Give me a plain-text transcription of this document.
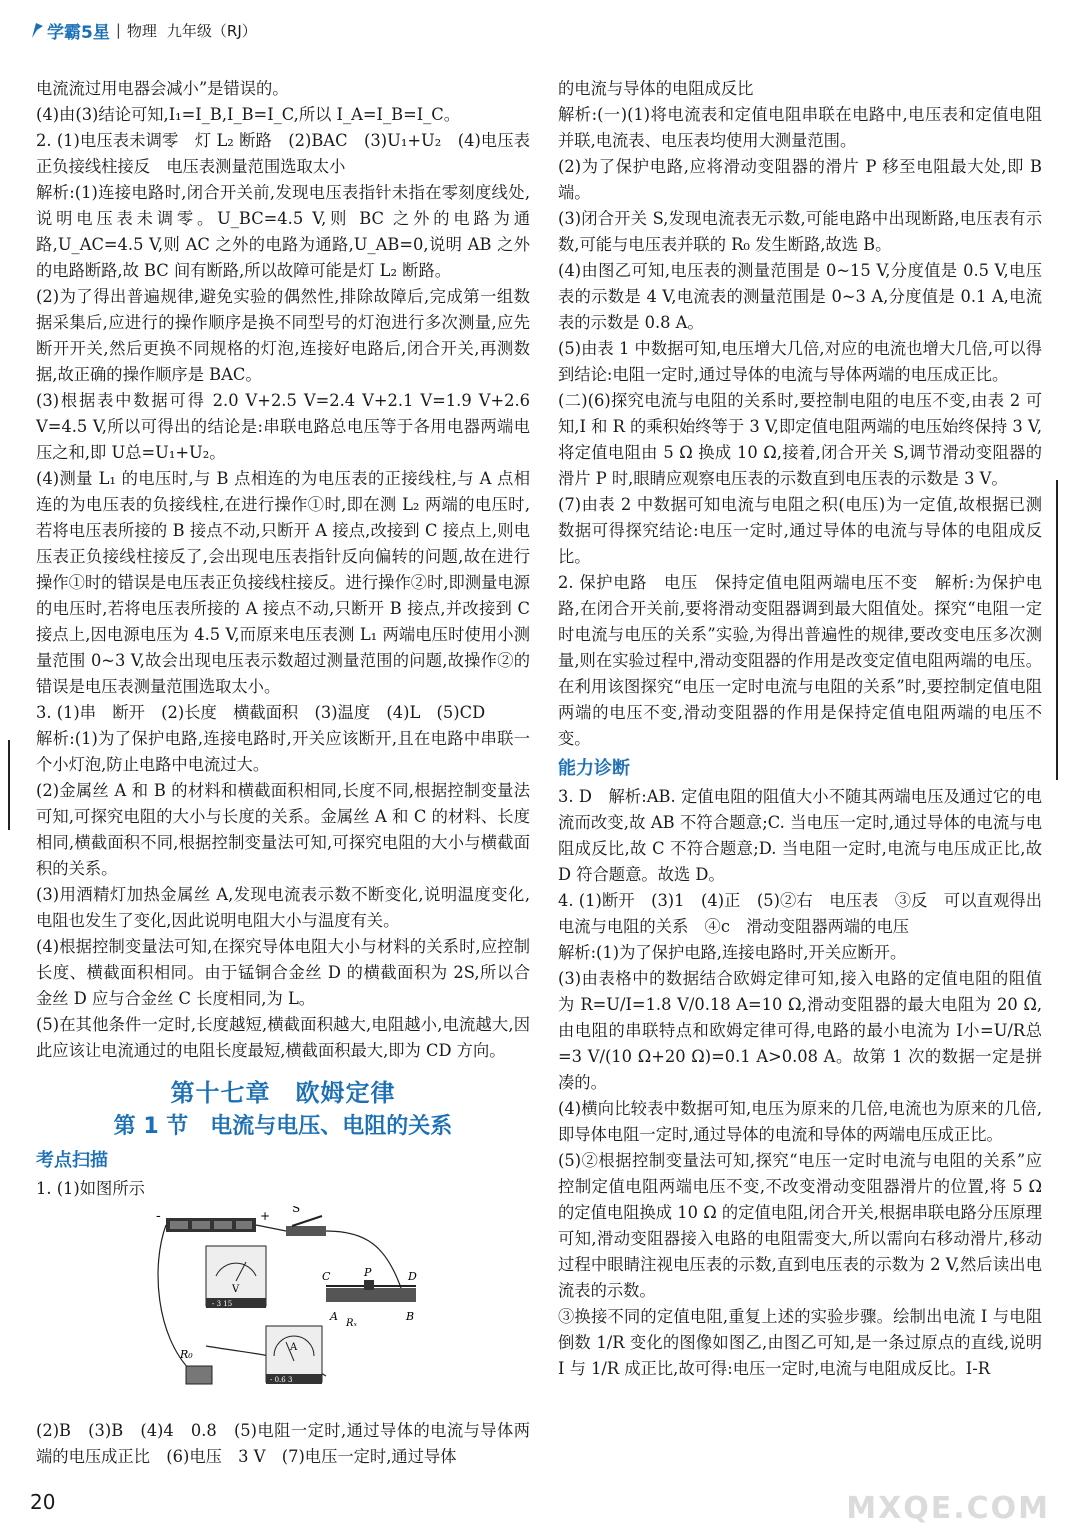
学霸5星 | 物理 九年级（RJ）

电流流过用电器会减小”是错误的。

(4)由(3)结论可知,I₁=I_B,I_B=I_C,所以 I_A=I_B=I_C。

2. (1)电压表未调零　灯 L₂ 断路　(2)BAC　(3)U₁+U₂　(4)电压表正负接线柱接反　电压表测量范围选取太小

解析:(1)连接电路时,闭合开关前,发现电压表指针未指在零刻度线处,说明电压表未调零。U_BC=4.5 V,则 BC 之外的电路为通路,U_AC=4.5 V,则 AC 之外的电路为通路,U_AB=0,说明 AB 之外的电路断路,故 BC 间有断路,所以故障可能是灯 L₂ 断路。

(2)为了得出普遍规律,避免实验的偶然性,排除故障后,完成第一组数据采集后,应进行的操作顺序是换不同型号的灯泡进行多次测量,应先断开开关,然后更换不同规格的灯泡,连接好电路后,闭合开关,再测数据,故正确的操作顺序是 BAC。

(3)根据表中数据可得 2.0 V+2.5 V=2.4 V+2.1 V=1.9 V+2.6 V=4.5 V,所以可得出的结论是:串联电路总电压等于各用电器两端电压之和,即 U总=U₁+U₂。

(4)测量 L₁ 的电压时,与 B 点相连的为电压表的正接线柱,与 A 点相连的为电压表的负接线柱,在进行操作①时,即在测 L₂ 两端的电压时,若将电压表所接的 B 接点不动,只断开 A 接点,改接到 C 接点上,则电压表正负接线柱接反了,会出现电压表指针反向偏转的问题,故在进行操作①时的错误是电压表正负接线柱接反。进行操作②时,即测量电源的电压时,若将电压表所接的 A 接点不动,只断开 B 接点,并改接到 C 接点上,因电源电压为 4.5 V,而原来电压表测 L₁ 两端电压时使用小测量范围 0~3 V,故会出现电压表示数超过测量范围的问题,故操作②的错误是电压表测量范围选取太小。

3. (1)串　断开　(2)长度　横截面积　(3)温度　(4)L　(5)CD

解析:(1)为了保护电路,连接电路时,开关应该断开,且在电路中串联一个小灯泡,防止电路中电流过大。

(2)金属丝 A 和 B 的材料和横截面积相同,长度不同,根据控制变量法可知,可探究电阻的大小与长度的关系。金属丝 A 和 C 的材料、长度相同,横截面积不同,根据控制变量法可知,可探究电阻的大小与横截面积的关系。

(3)用酒精灯加热金属丝 A,发现电流表示数不断变化,说明温度变化,电阻也发生了变化,因此说明电阻大小与温度有关。

(4)根据控制变量法可知,在探究导体电阻大小与材料的关系时,应控制长度、横截面积相同。由于锰铜合金丝 D 的横截面积为 2S,所以合金丝 D 应与合金丝 C 长度相同,为 L。

(5)在其他条件一定时,长度越短,横截面积越大,电阻越小,电流越大,因此应该让电流通过的电阻长度最短,横截面积最大,即为 CD 方向。

第十七章　欧姆定律
第 1 节　电流与电压、电阻的关系
考点扫描

1. (1)如图所示

-	+
S
V
- 3 15
C	P	D
A
Rₓ
B
A
- 0.6 3
R₀

(2)B　(3)B　(4)4　0.8　(5)电阻一定时,通过导体的电流与导体两端的电压成正比　(6)电压　3 V　(7)电压一定时,通过导体

的电流与导体的电阻成反比

解析:(一)(1)将电流表和定值电阻串联在电路中,电压表和定值电阻并联,电流表、电压表均使用大测量范围。

(2)为了保护电路,应将滑动变阻器的滑片 P 移至电阻最大处,即 B 端。

(3)闭合开关 S,发现电流表无示数,可能电路中出现断路,电压表有示数,可能与电压表并联的 R₀ 发生断路,故选 B。

(4)由图乙可知,电压表的测量范围是 0~15 V,分度值是 0.5 V,电压表的示数是 4 V,电流表的测量范围是 0~3 A,分度值是 0.1 A,电流表的示数是 0.8 A。

(5)由表 1 中数据可知,电压增大几倍,对应的电流也增大几倍,可以得到结论:电阻一定时,通过导体的电流与导体两端的电压成正比。

(二)(6)探究电流与电阻的关系时,要控制电阻的电压不变,由表 2 可知,I 和 R 的乘积始终等于 3 V,即定值电阻两端的电压始终保持 3 V,将定值电阻由 5 Ω 换成 10 Ω,接着,闭合开关 S,调节滑动变阻器的滑片 P 时,眼睛应观察电压表的示数直到电压表的示数是 3 V。

(7)由表 2 中数据可知电流与电阻之积(电压)为一定值,故根据已测数据可得探究结论:电压一定时,通过导体的电流与导体的电阻成反比。

2. 保护电路　电压　保持定值电阻两端电压不变　解析:为保护电路,在闭合开关前,要将滑动变阻器调到最大阻值处。探究“电阻一定时电流与电压的关系”实验,为得出普遍性的规律,要改变电压多次测量,则在实验过程中,滑动变阻器的作用是改变定值电阻两端的电压。在利用该图探究“电压一定时电流与电阻的关系”时,要控制定值电阻两端的电压不变,滑动变阻器的作用是保持定值电阻两端的电压不变。

能力诊断

3. D　解析:AB. 定值电阻的阻值大小不随其两端电压及通过它的电流而改变,故 AB 不符合题意;C. 当电压一定时,通过导体的电流与电阻成反比,故 C 不符合题意;D. 当电阻一定时,电流与电压成正比,故 D 符合题意。故选 D。

4. (1)断开　(3)1　(4)正　(5)②右　电压表　③反　可以直观得出电流与电阻的关系　④c　滑动变阻器两端的电压

解析:(1)为了保护电路,连接电路时,开关应断开。

(3)由表格中的数据结合欧姆定律可知,接入电路的定值电阻的阻值为 R=U/I=1.8 V/0.18 A=10 Ω,滑动变阻器的最大电阻为 20 Ω,由电阻的串联特点和欧姆定律可得,电路的最小电流为 I小=U/R总=3 V/(10 Ω+20 Ω)=0.1 A>0.08 A。故第 1 次的数据一定是拼凑的。

(4)横向比较表中数据可知,电压为原来的几倍,电流也为原来的几倍,即导体电阻一定时,通过导体的电流和导体的两端电压成正比。

(5)②根据控制变量法可知,探究“电压一定时电流与电阻的关系”应控制定值电阻两端电压不变,不改变滑动变阻器滑片的位置,将 5 Ω 的定值电阻换成 10 Ω 的定值电阻,闭合开关,根据串联电路分压原理可知,滑动变阻器接入电路的电阻需变大,所以需向右移动滑片,移动过程中眼睛注视电压表的示数,直到电压表的示数为 2 V,然后读出电流表的示数。

③换接不同的定值电阻,重复上述的实验步骤。绘制出电流 I 与电阻倒数 1/R 变化的图像如图乙,由图乙可知,是一条过原点的直线,说明 I 与 1/R 成正比,故可得:电压一定时,电流与电阻成反比。I-R

20	MXQE.COM
